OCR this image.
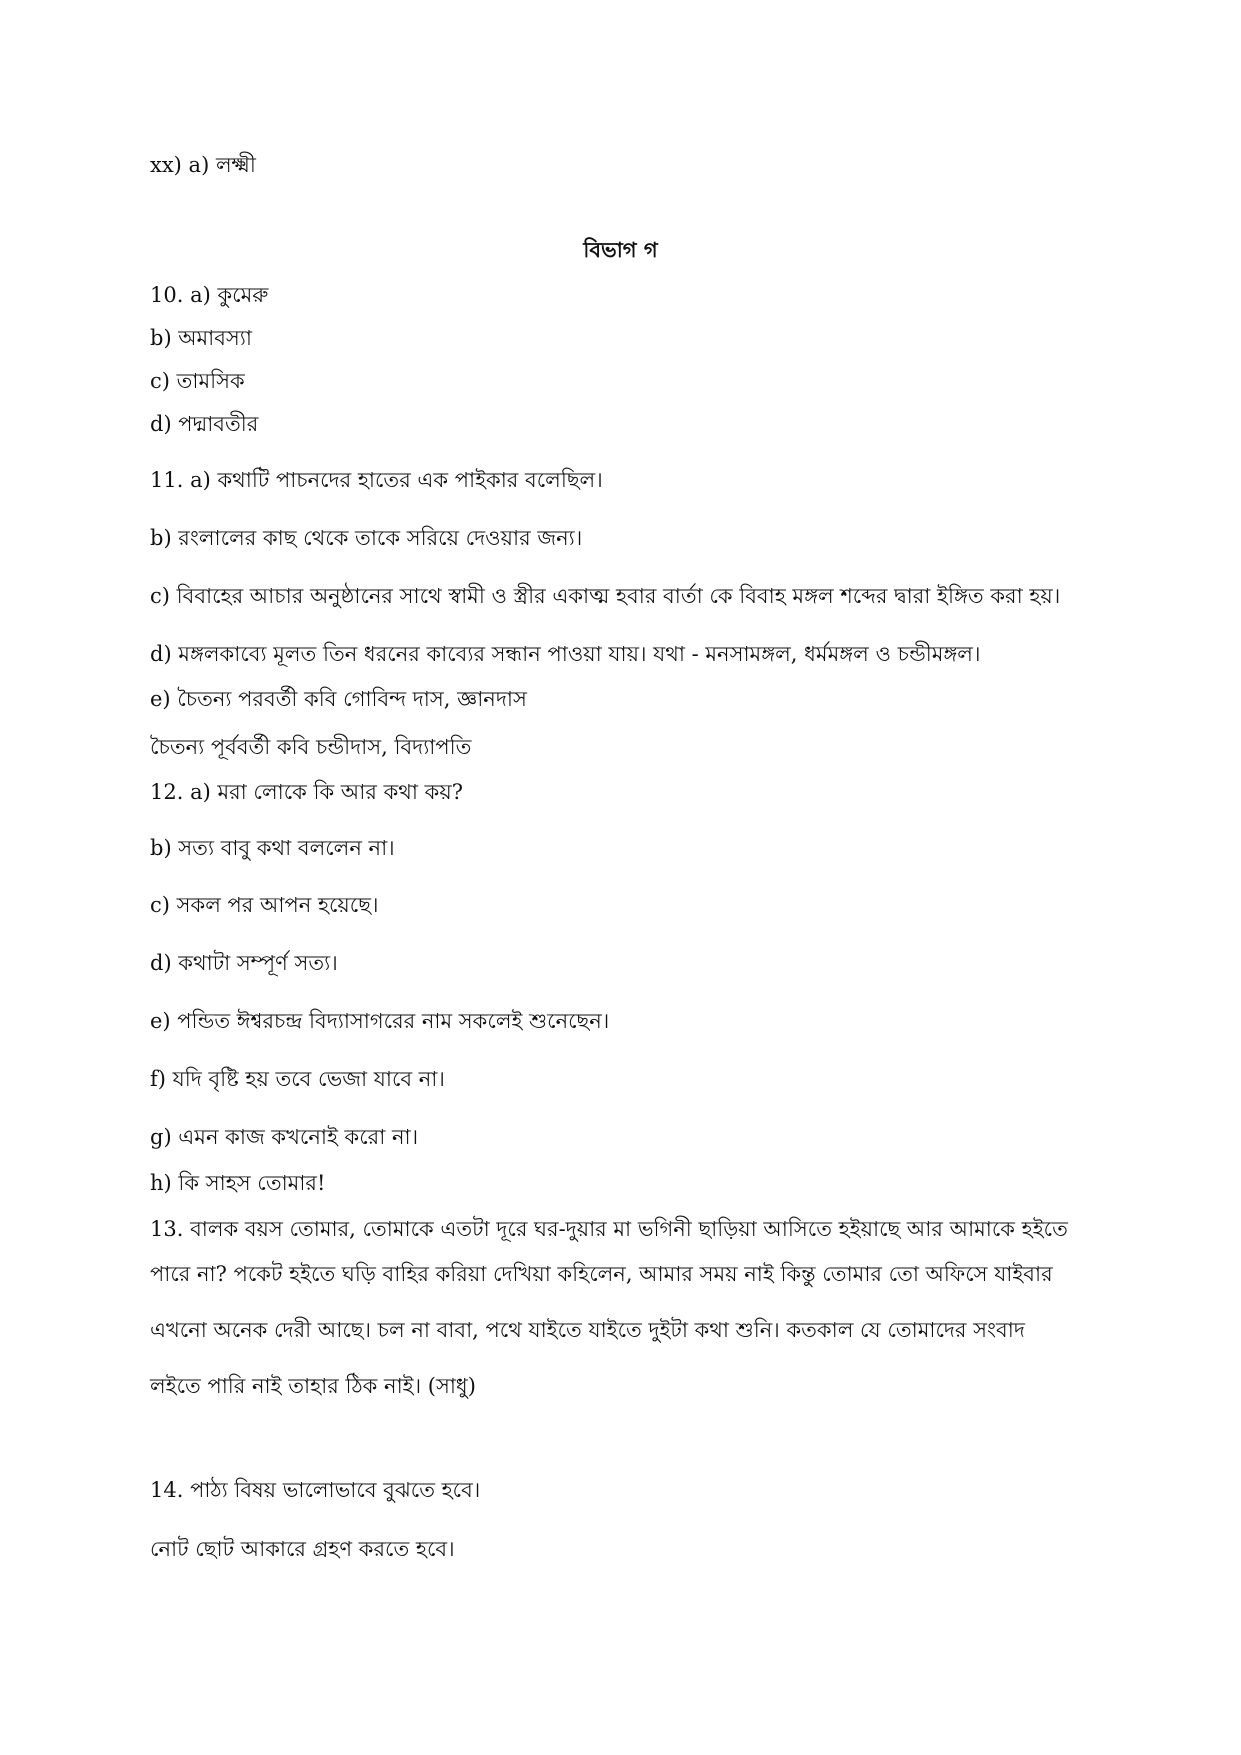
xx) a) লক্ষ্মী
বিভাগ গ
10. a) কুমেরু
b) অমাবস্যা
c) তামসিক
d) পদ্মাবতীর
11. a) কথাটি পাচনদের হাতের এক পাইকার বলেছিল।
b) রংলালের কাছ থেকে তাকে সরিয়ে দেওয়ার জন্য।
c) বিবাহের আচার অনুষ্ঠানের সাথে স্বামী ও স্ত্রীর একাত্ম হবার বার্তা কে বিবাহ মঙ্গল শব্দের দ্বারা ইঙ্গিত করা হয়।
d) মঙ্গলকাব্যে মূলত তিন ধরনের কাব্যের সন্ধান পাওয়া যায়। যথা - মনসামঙ্গল, ধর্মমঙ্গল ও চন্ডীমঙ্গল।
e) চৈতন্য পরবর্তী কবি গোবিন্দ দাস, জ্ঞানদাস
চৈতন্য পূর্ববর্তী কবি চন্ডীদাস, বিদ্যাপতি
12. a) মরা লোকে কি আর কথা কয়?
b) সত্য বাবু কথা বললেন না।
c) সকল পর আপন হয়েছে।
d) কথাটা সম্পূর্ণ সত্য।
e) পন্ডিত ঈশ্বরচন্দ্র বিদ্যাসাগরের নাম সকলেই শুনেছেন।
f) যদি বৃষ্টি হয় তবে ভেজা যাবে না।
g) এমন কাজ কখনোই করো না।
h) কি সাহস তোমার!
13. বালক বয়স তোমার, তোমাকে এতটা দূরে ঘর-দুয়ার মা ভগিনী ছাড়িয়া আসিতে হইয়াছে আর আমাকে হইতে
পারে না? পকেট হইতে ঘড়ি বাহির করিয়া দেখিয়া কহিলেন, আমার সময় নাই কিন্তু তোমার তো অফিসে যাইবার
এখনো অনেক দেরী আছে। চল না বাবা, পথে যাইতে যাইতে দুইটা কথা শুনি। কতকাল যে তোমাদের সংবাদ
লইতে পারি নাই তাহার ঠিক নাই। (সাধু)
14. পাঠ্য বিষয় ভালোভাবে বুঝতে হবে।
নোট ছোট আকারে গ্রহণ করতে হবে।
